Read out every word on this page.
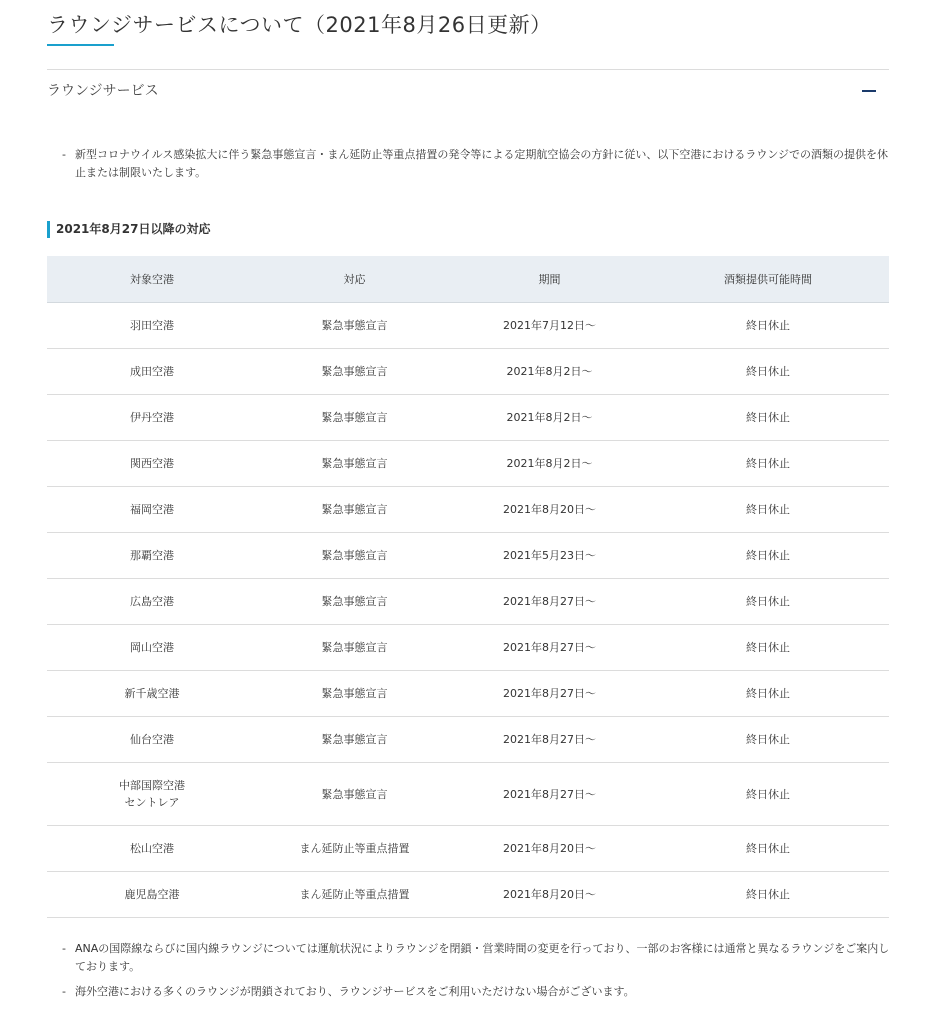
ラウンジサービスについて（2021年8月26日更新）
ラウンジサービス
- 新型コロナウイルス感染拡大に伴う緊急事態宣言・まん延防止等重点措置の発令等による定期航空協会の方針に従い、以下空港におけるラウンジでの酒類の提供を休止または制限いたします。
2021年8月27日以降の対応
対象空港	対応	期間	酒類提供可能時間
羽田空港	緊急事態宣言	2021年7月12日～	終日休止
成田空港	緊急事態宣言	2021年8月2日～	終日休止
伊丹空港	緊急事態宣言	2021年8月2日～	終日休止
関西空港	緊急事態宣言	2021年8月2日～	終日休止
福岡空港	緊急事態宣言	2021年8月20日～	終日休止
那覇空港	緊急事態宣言	2021年5月23日～	終日休止
広島空港	緊急事態宣言	2021年8月27日～	終日休止
岡山空港	緊急事態宣言	2021年8月27日～	終日休止
新千歳空港	緊急事態宣言	2021年8月27日～	終日休止
仙台空港	緊急事態宣言	2021年8月27日～	終日休止
中部国際空港
セントレア	緊急事態宣言	2021年8月27日～	終日休止
松山空港	まん延防止等重点措置	2021年8月20日～	終日休止
鹿児島空港	まん延防止等重点措置	2021年8月20日～	終日休止
- ANAの国際線ならびに国内線ラウンジについては運航状況によりラウンジを閉鎖・営業時間の変更を行っており、一部のお客様には通常と異なるラウンジをご案内しております。
- 海外空港における多くのラウンジが閉鎖されており、ラウンジサービスをご利用いただけない場合がございます。
